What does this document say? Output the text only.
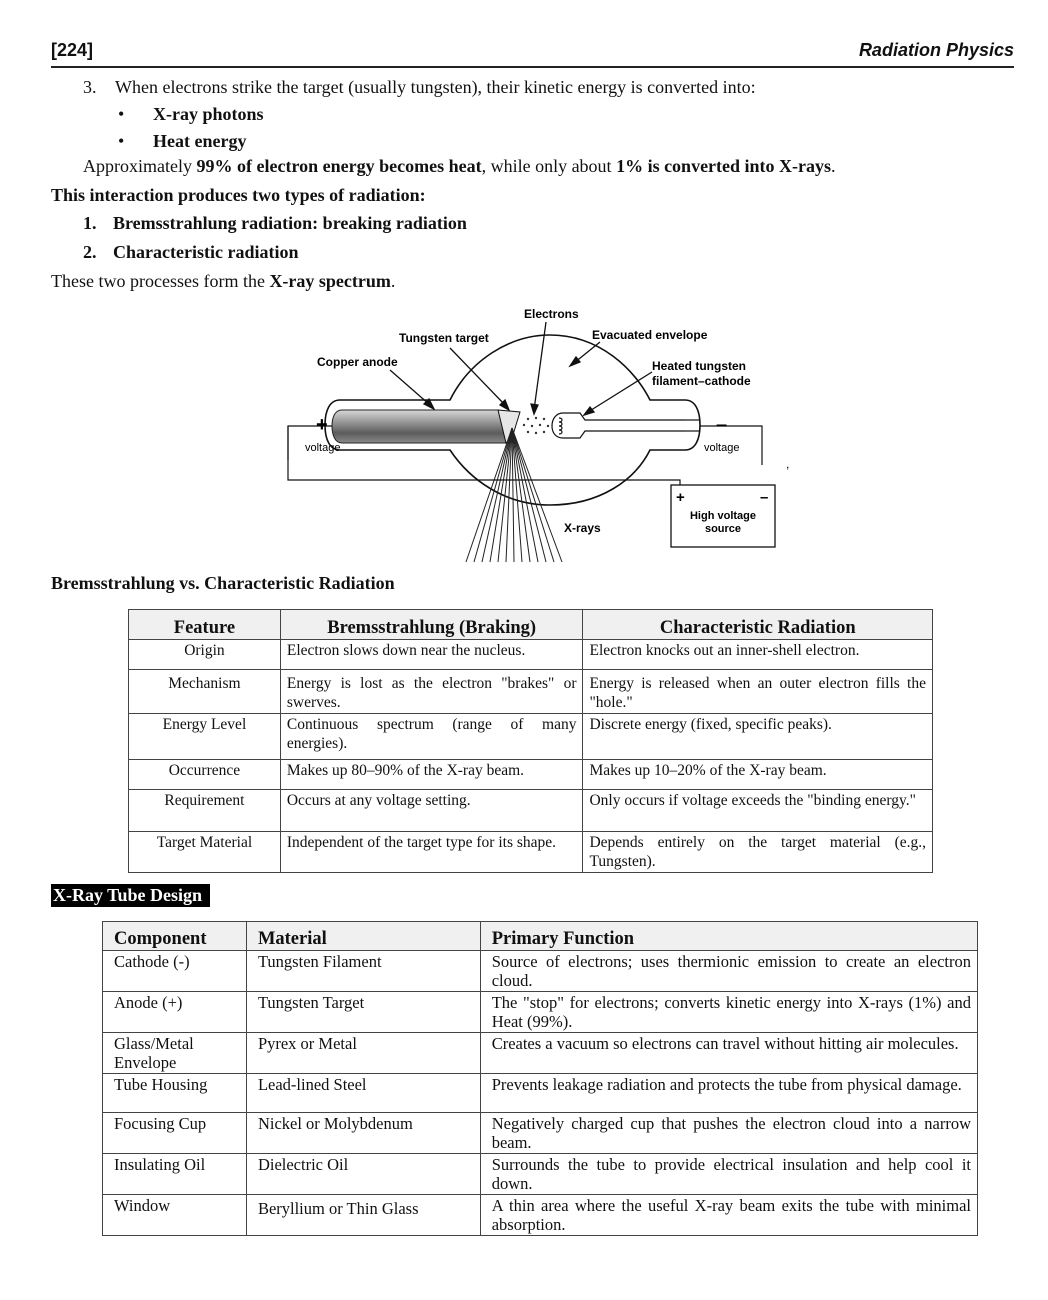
[224]	Radiation Physics
3. When electrons strike the target (usually tungsten), their kinetic energy is converted into:
• X-ray photons
• Heat energy
Approximately 99% of electron energy becomes heat, while only about 1% is converted into X-rays.
This interaction produces two types of radiation:
1. Bremsstrahlung radiation: breaking radiation
2. Characteristic radiation
These two processes form the X-ray spectrum.
Electrons
Tungsten target	Evacuated envelope
Copper anode	Heated tungsten
filament–cathode
+
voltage
–
voltage
X-rays
+	–
High voltage
source
,
Bremsstrahlung vs. Characteristic Radiation
Feature	Bremsstrahlung (Braking)	Characteristic Radiation
Origin	Electron slows down near the nucleus.	Electron knocks out an inner-shell electron.
Mechanism	Energy is lost as the electron "brakes" or swerves.	Energy is released when an outer electron fills the "hole."
Energy Level	Continuous spectrum (range of many energies).	Discrete energy (fixed, specific peaks).
Occurrence	Makes up 80–90% of the X-ray beam.	Makes up 10–20% of the X-ray beam.
Requirement	Occurs at any voltage setting.	Only occurs if voltage exceeds the "binding energy."
Target Material	Independent of the target type for its shape.	Depends entirely on the target material (e.g., Tungsten).
X-Ray Tube Design
Component	Material	Primary Function
Cathode (-)	Tungsten Filament	Source of electrons; uses thermionic emission to create an electron cloud.
Anode (+)	Tungsten Target	The "stop" for electrons; converts kinetic energy into X-rays (1%) and Heat (99%).
Glass/Metal Envelope	Pyrex or Metal	Creates a vacuum so electrons can travel without hitting air molecules.
Tube Housing	Lead-lined Steel	Prevents leakage radiation and protects the tube from physical damage.
Focusing Cup	Nickel or Molybdenum	Negatively charged cup that pushes the electron cloud into a narrow beam.
Insulating Oil	Dielectric Oil	Surrounds the tube to provide electrical insulation and help cool it down.
Window	Beryllium or Thin Glass	A thin area where the useful X-ray beam exits the tube with minimal absorption.
